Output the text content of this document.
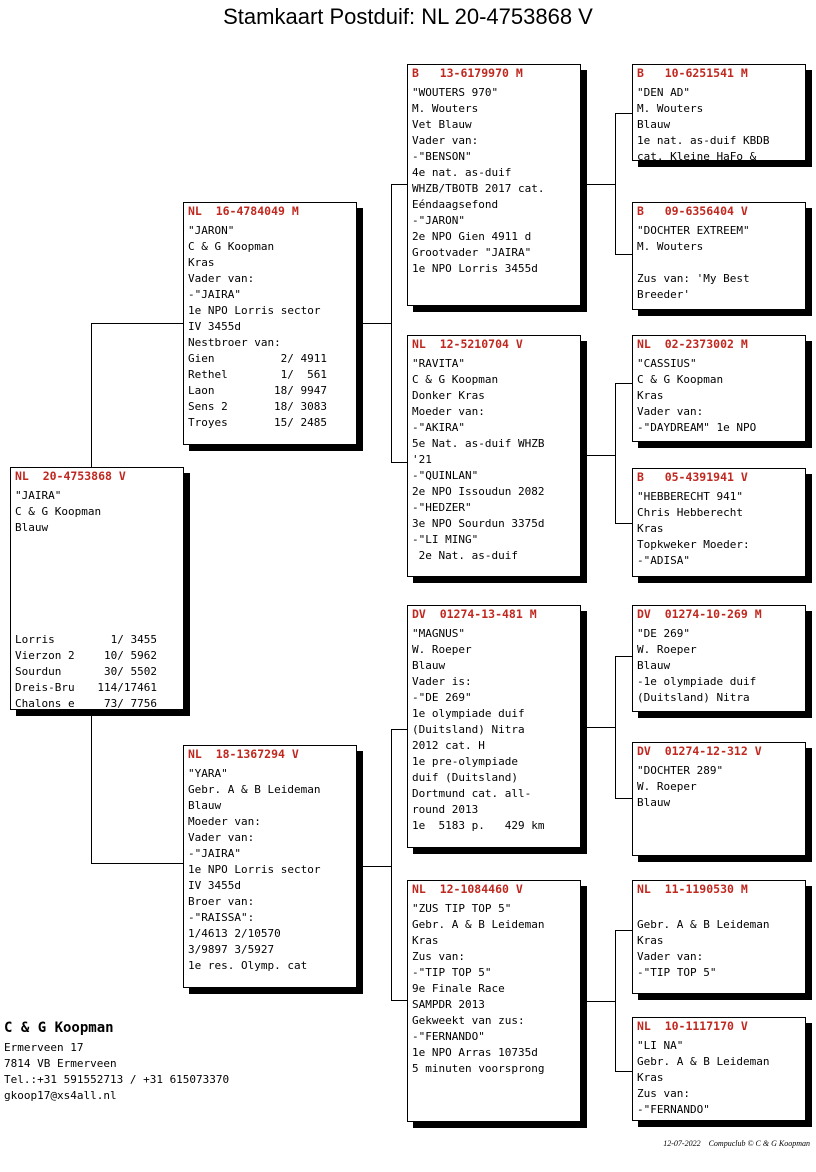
Stamkaart Postduif: NL 20-4753868 V
NL  20-4753868 V
"JAIRA"
C & G Koopman
Blauw
Lorris	1/ 3455
Vierzon 2	10/ 5962
Sourdun	30/ 5502
Dreis-Bru	114/17461
Chalons e	73/ 7756
NL  16-4784049 M
"JARON"
C & G Koopman
Kras
Vader van:
-"JAIRA"
1e NPO Lorris sector
IV 3455d
Nestbroer van:
Gien	2/ 4911
Rethel	1/  561
Laon	18/ 9947
Sens 2	18/ 3083
Troyes	15/ 2485
NL  18-1367294 V
"YARA"
Gebr. A & B Leideman
Blauw
Moeder van:
Vader van:
-"JAIRA"
1e NPO Lorris sector
IV 3455d
Broer van:
-"RAISSA":
1/4613 2/10570
3/9897 3/5927
1e res. Olymp. cat
B   13-6179970 M
"WOUTERS 970"
M. Wouters
Vet Blauw
Vader van:
-"BENSON"
4e nat. as-duif
WHZB/TBOTB 2017 cat.
Eéndaagsefond
-"JARON"
2e NPO Gien 4911 d
Grootvader "JAIRA"
1e NPO Lorris 3455d
NL  12-5210704 V
"RAVITA"
C & G Koopman
Donker Kras
Moeder van:
-"AKIRA"
5e Nat. as-duif WHZB
'21
-"QUINLAN"
2e NPO Issoudun 2082
-"HEDZER"
3e NPO Sourdun 3375d
-"LI MING"
2e Nat. as-duif
DV  01274-13-481 M
"MAGNUS"
W. Roeper
Blauw
Vader is:
-"DE 269"
1e olympiade duif
(Duitsland) Nitra
2012 cat. H
1e pre-olympiade
duif (Duitsland)
Dortmund cat. all-
round 2013
1e  5183 p.   429 km
NL  12-1084460 V
"ZUS TIP TOP 5"
Gebr. A & B Leideman
Kras
Zus van:
-"TIP TOP 5"
9e Finale Race
SAMPDR 2013
Gekweekt van zus:
-"FERNANDO"
1e NPO Arras 10735d
5 minuten voorsprong
B   10-6251541 M
"DEN AD"
M. Wouters
Blauw
1e nat. as-duif KBDB
cat. Kleine HaFo &
B   09-6356404 V
"DOCHTER EXTREEM"
M. Wouters
Zus van: 'My Best
Breeder'
NL  02-2373002 M
"CASSIUS"
C & G Koopman
Kras
Vader van:
-"DAYDREAM" 1e NPO
B   05-4391941 V
"HEBBERECHT 941"
Chris Hebberecht
Kras
Topkweker Moeder:
-"ADISA"
DV  01274-10-269 M
"DE 269"
W. Roeper
Blauw
-1e olympiade duif
(Duitsland) Nitra
DV  01274-12-312 V
"DOCHTER 289"
W. Roeper
Blauw
NL  11-1190530 M
Gebr. A & B Leideman
Kras
Vader van:
-"TIP TOP 5"
NL  10-1117170 V
"LI NA"
Gebr. A & B Leideman
Kras
Zus van:
-"FERNANDO"
C & G Koopman
Ermerveen 17
7814 VB Ermerveen
Tel.:+31 591552713 / +31 615073370
gkoop17@xs4all.nl
12-07-2022 Compuclub © C & G Koopman
